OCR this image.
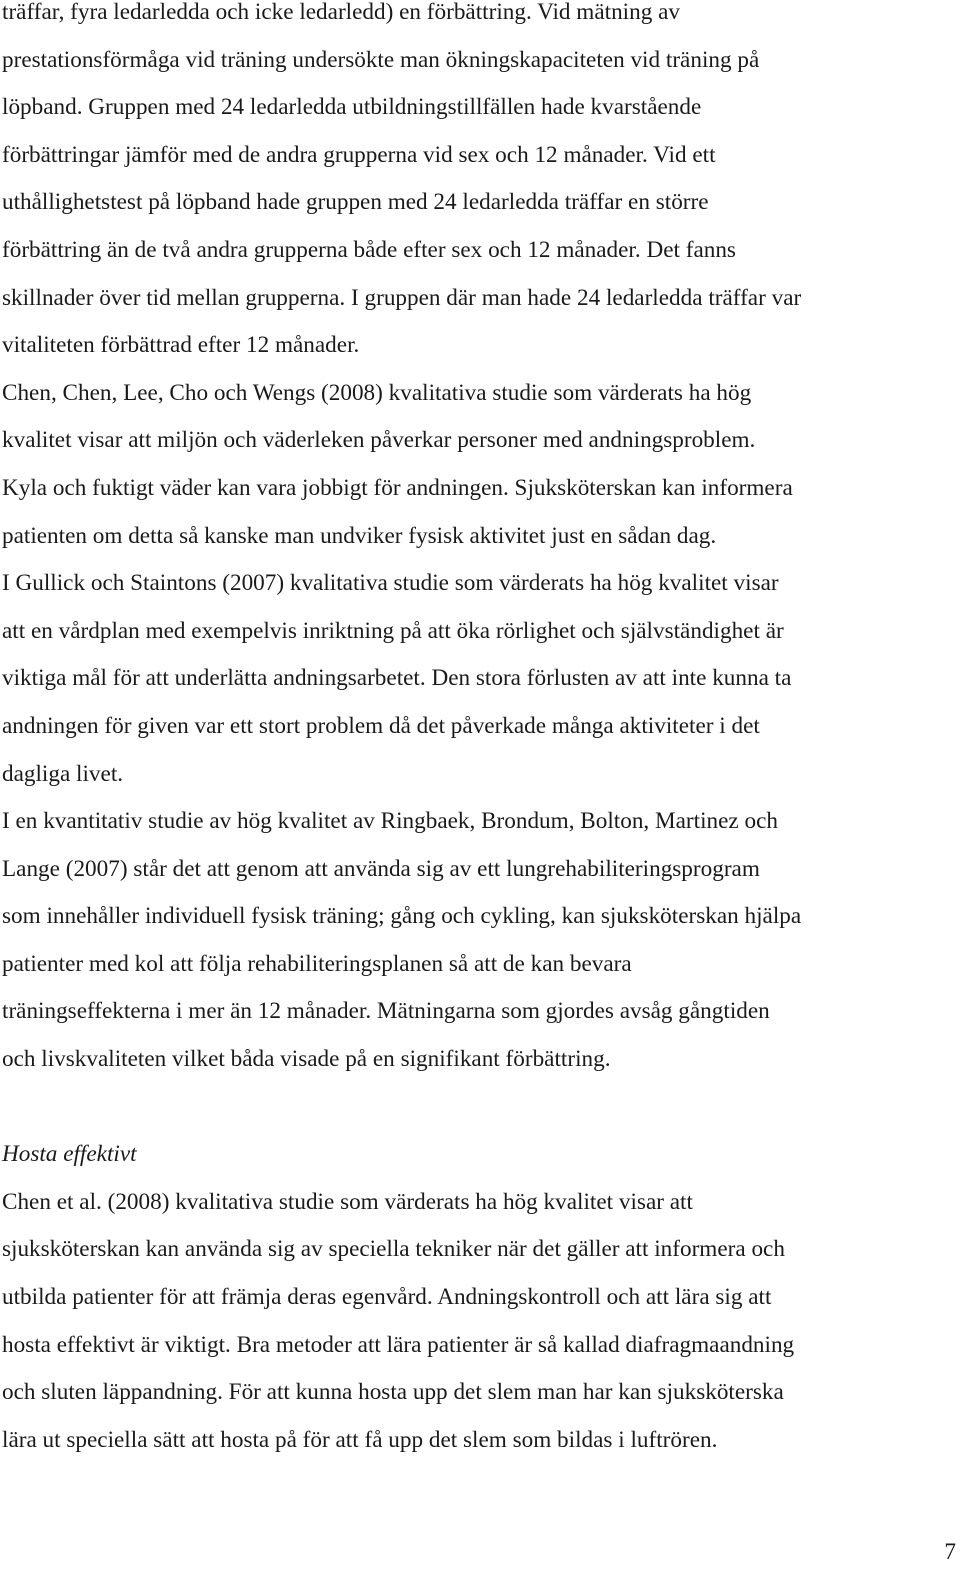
träffar, fyra ledarledda och icke ledarledd) en förbättring. Vid mätning av
prestationsförmåga vid träning undersökte man ökningskapaciteten vid träning på
löpband. Gruppen med 24 ledarledda utbildningstillfällen hade kvarstående
förbättringar jämför med de andra grupperna vid sex och 12 månader. Vid ett
uthållighetstest på löpband hade gruppen med 24 ledarledda träffar en större
förbättring än de två andra grupperna både efter sex och 12 månader. Det fanns
skillnader över tid mellan grupperna. I gruppen där man hade 24 ledarledda träffar var
vitaliteten förbättrad efter 12 månader.
Chen, Chen, Lee, Cho och Wengs (2008) kvalitativa studie som värderats ha hög
kvalitet visar att miljön och väderleken påverkar personer med andningsproblem.
Kyla och fuktigt väder kan vara jobbigt för andningen. Sjuksköterskan kan informera
patienten om detta så kanske man undviker fysisk aktivitet just en sådan dag.
I Gullick och Staintons (2007) kvalitativa studie som värderats ha hög kvalitet visar
att en vårdplan med exempelvis inriktning på att öka rörlighet och självständighet är
viktiga mål för att underlätta andningsarbetet. Den stora förlusten av att inte kunna ta
andningen för given var ett stort problem då det påverkade många aktiviteter i det
dagliga livet.
I en kvantitativ studie av hög kvalitet av Ringbaek, Brondum, Bolton, Martinez och
Lange (2007) står det att genom att använda sig av ett lungrehabiliteringsprogram
som innehåller individuell fysisk träning; gång och cykling, kan sjuksköterskan hjälpa
patienter med kol att följa rehabiliteringsplanen så att de kan bevara
träningseffekterna i mer än 12 månader. Mätningarna som gjordes avsåg gångtiden
och livskvaliteten vilket båda visade på en signifikant förbättring.
Hosta effektivt
Chen et al. (2008) kvalitativa studie som värderats ha hög kvalitet visar att
sjuksköterskan kan använda sig av speciella tekniker när det gäller att informera och
utbilda patienter för att främja deras egenvård. Andningskontroll och att lära sig att
hosta effektivt är viktigt. Bra metoder att lära patienter är så kallad diafragmaandning
och sluten läppandning. För att kunna hosta upp det slem man har kan sjuksköterska
lära ut speciella sätt att hosta på för att få upp det slem som bildas i luftrören.
7
